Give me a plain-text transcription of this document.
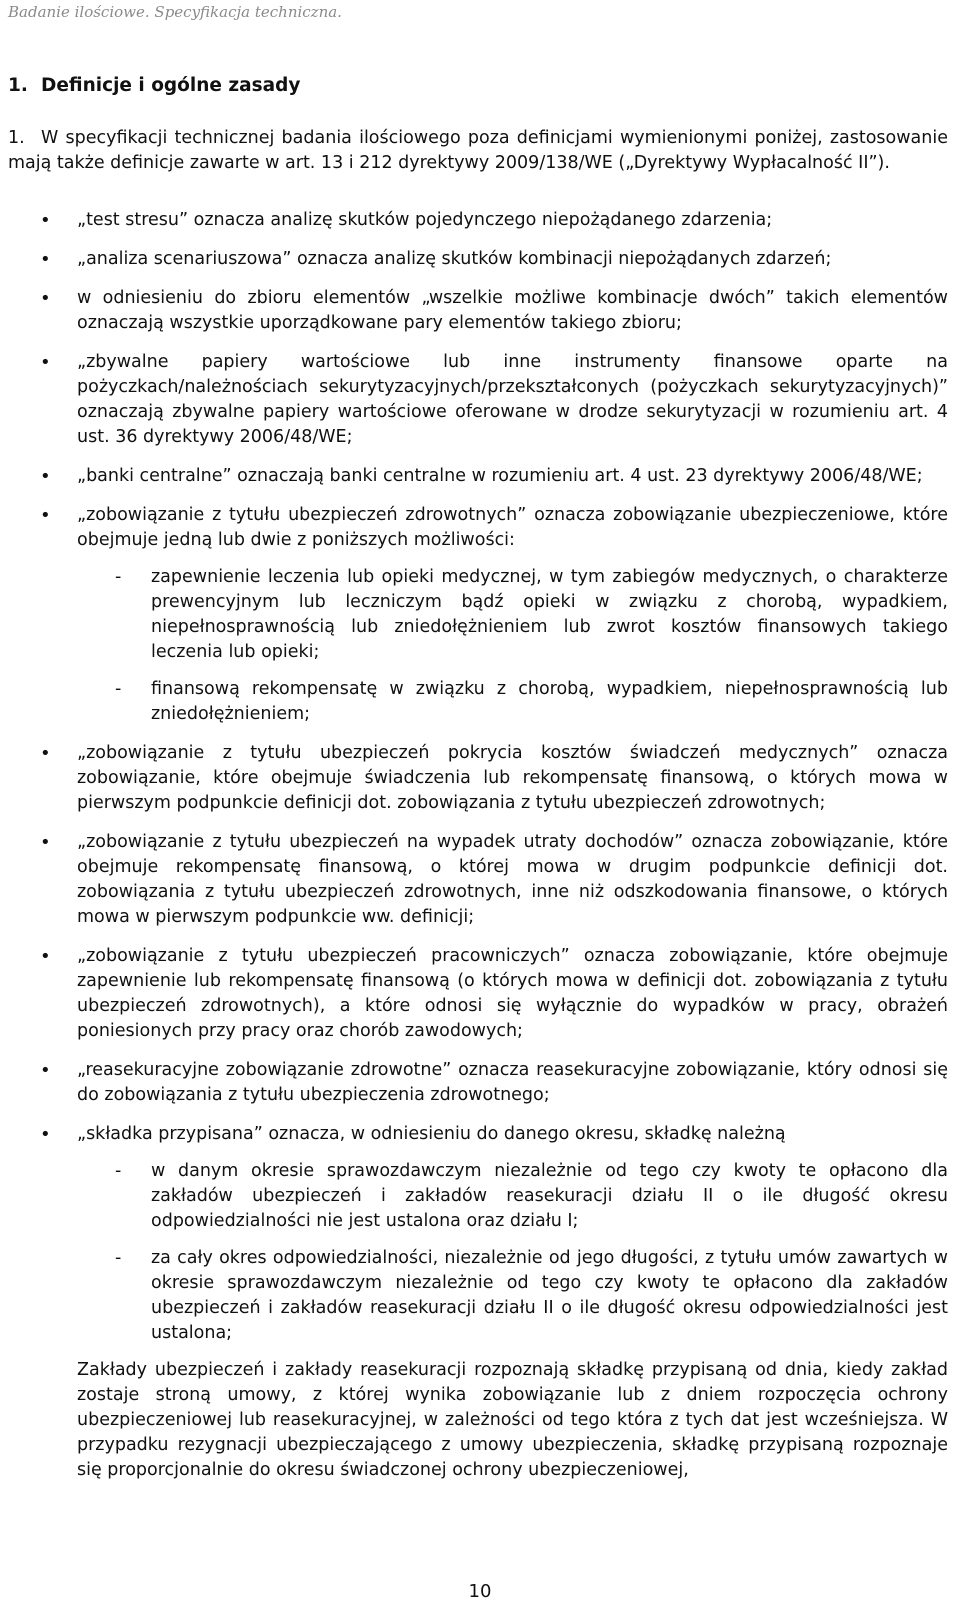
Badanie ilościowe. Specyfikacja techniczna.
1. Definicje i ogólne zasady
1. W specyfikacji technicznej badania ilościowego poza definicjami wymienionymi poniżej, zastosowanie mają także definicje zawarte w art. 13 i 212 dyrektywy 2009/138/WE („Dyrektywy Wypłacalność II”).
• „test stresu” oznacza analizę skutków pojedynczego niepożądanego zdarzenia;
• „analiza scenariuszowa” oznacza analizę skutków kombinacji niepożądanych zdarzeń;
• w odniesieniu do zbioru elementów „wszelkie możliwe kombinacje dwóch” takich elementów oznaczają wszystkie uporządkowane pary elementów takiego zbioru;
• „zbywalne papiery wartościowe lub inne instrumenty finansowe oparte na pożyczkach/należnościach sekurytyzacyjnych/przekształconych (pożyczkach sekurytyzacyjnych)” oznaczają zbywalne papiery wartościowe oferowane w drodze sekurytyzacji w rozumieniu art. 4 ust. 36 dyrektywy 2006/48/WE;
• „banki centralne” oznaczają banki centralne w rozumieniu art. 4 ust. 23 dyrektywy 2006/48/WE;
• „zobowiązanie z tytułu ubezpieczeń zdrowotnych” oznacza zobowiązanie ubezpieczeniowe, które obejmuje jedną lub dwie z poniższych możliwości:
- zapewnienie leczenia lub opieki medycznej, w tym zabiegów medycznych, o charakterze prewencyjnym lub leczniczym bądź opieki w związku z chorobą, wypadkiem, niepełnosprawnością lub zniedołężnieniem lub zwrot kosztów finansowych takiego leczenia lub opieki;
- finansową rekompensatę w związku z chorobą, wypadkiem, niepełnosprawnością lub zniedołężnieniem;
• „zobowiązanie z tytułu ubezpieczeń pokrycia kosztów świadczeń medycznych” oznacza zobowiązanie, które obejmuje świadczenia lub rekompensatę finansową, o których mowa w pierwszym podpunkcie definicji dot. zobowiązania z tytułu ubezpieczeń zdrowotnych;
• „zobowiązanie z tytułu ubezpieczeń na wypadek utraty dochodów” oznacza zobowiązanie, które obejmuje rekompensatę finansową, o której mowa w drugim podpunkcie definicji dot. zobowiązania z tytułu ubezpieczeń zdrowotnych, inne niż odszkodowania finansowe, o których mowa w pierwszym podpunkcie ww. definicji;
• „zobowiązanie z tytułu ubezpieczeń pracowniczych” oznacza zobowiązanie, które obejmuje zapewnienie lub rekompensatę finansową (o których mowa w definicji dot. zobowiązania z tytułu ubezpieczeń zdrowotnych), a które odnosi się wyłącznie do wypadków w pracy, obrażeń poniesionych przy pracy oraz chorób zawodowych;
• „reasekuracyjne zobowiązanie zdrowotne” oznacza reasekuracyjne zobowiązanie, który odnosi się do zobowiązania z tytułu ubezpieczenia zdrowotnego;
• „składka przypisana” oznacza, w odniesieniu do danego okresu, składkę należną
- w danym okresie sprawozdawczym niezależnie od tego czy kwoty te opłacono dla zakładów ubezpieczeń i zakładów reasekuracji działu II o ile długość okresu odpowiedzialności nie jest ustalona oraz działu I;
- za cały okres odpowiedzialności, niezależnie od jego długości, z tytułu umów zawartych w okresie sprawozdawczym niezależnie od tego czy kwoty te opłacono dla zakładów ubezpieczeń i zakładów reasekuracji działu II o ile długość okresu odpowiedzialności jest ustalona;
Zakłady ubezpieczeń i zakłady reasekuracji rozpoznają składkę przypisaną od dnia, kiedy zakład zostaje stroną umowy, z której wynika zobowiązanie lub z dniem rozpoczęcia ochrony ubezpieczeniowej lub reasekuracyjnej, w zależności od tego która z tych dat jest wcześniejsza. W przypadku rezygnacji ubezpieczającego z umowy ubezpieczenia, składkę przypisaną rozpoznaje się proporcjonalnie do okresu świadczonej ochrony ubezpieczeniowej,
10
